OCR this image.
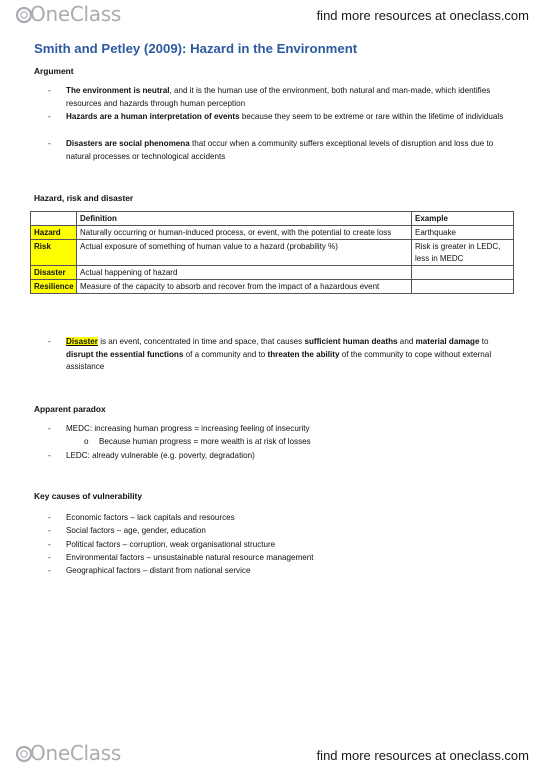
OneClass	find more resources at oneclass.com
Smith and Petley (2009): Hazard in the Environment
Argument
- The environment is neutral, and it is the human use of the environment, both natural and man-made, which identifies resources and hazards through human perception
- Hazards are a human interpretation of events because they seem to be extreme or rare within the lifetime of individuals
- Disasters are social phenomena that occur when a community suffers exceptional levels of disruption and loss due to natural processes or technological accidents
Hazard, risk and disaster
	Definition	Example
Hazard	Naturally occurring or human-induced process, or event, with the potential to create loss	Earthquake
Risk	Actual exposure of something of human value to a hazard (probability %)	Risk is greater in LEDC, less in MEDC
Disaster	Actual happening of hazard	
Resilience	Measure of the capacity to absorb and recover from the impact of a hazardous event	
- Disaster is an event, concentrated in time and space, that causes sufficient human deaths and material damage to disrupt the essential functions of a community and to threaten the ability of the community to cope without external assistance
Apparent paradox
- MEDC: increasing human progress = increasing feeling of insecurity
o Because human progress = more wealth is at risk of losses
- LEDC: already vulnerable (e.g. poverty, degradation)
Key causes of vulnerability
- Economic factors – lack capitals and resources
- Social factors – age, gender, education
- Political factors – corruption, weak organisational structure
- Environmental factors – unsustainable natural resource management
- Geographical factors – distant from national service
OneClass	find more resources at oneclass.com
